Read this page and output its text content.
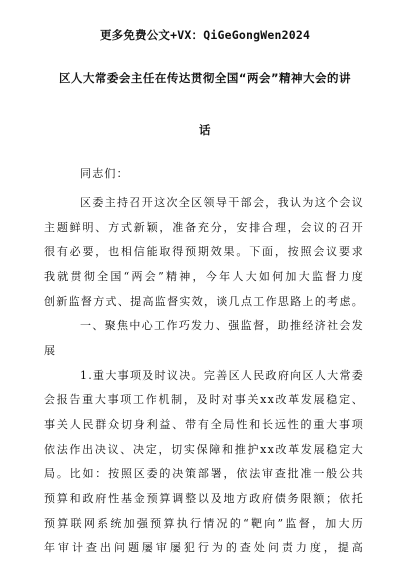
更多免费公文+VX：QiGeGongWen2024
区人大常委会主任在传达贯彻全国“两会”精神大会的讲
话
同志们：
区委主持召开这次全区领导干部会，我认为这个会议
主题鲜明、方式新颖，准备充分，安排合理，会议的召开
很有必要，也相信能取得预期效果。下面，按照会议要求
我就贯彻全国“两会”精神，今年人大如何加大监督力度
创新监督方式、提高监督实效，谈几点工作思路上的考虑。
一、聚焦中心工作巧发力、强监督，助推经济社会发
展
1.重大事项及时议决。完善区人民政府向区人大常委
会报告重大事项工作机制，及时对事关xx改革发展稳定、
事关人民群众切身利益、带有全局性和长远性的重大事项
依法作出决议、决定，切实保障和推护xx改革发展稳定大
局。比如：按照区委的决策部署，依法审查批准一般公共
预算和政府性基金预算调整以及地方政府债务限额；依托
预算联网系统加强预算执行情况的“靶向”监督，加大历
年审计查出问题屡审屡犯行为的查处问责力度，提高
